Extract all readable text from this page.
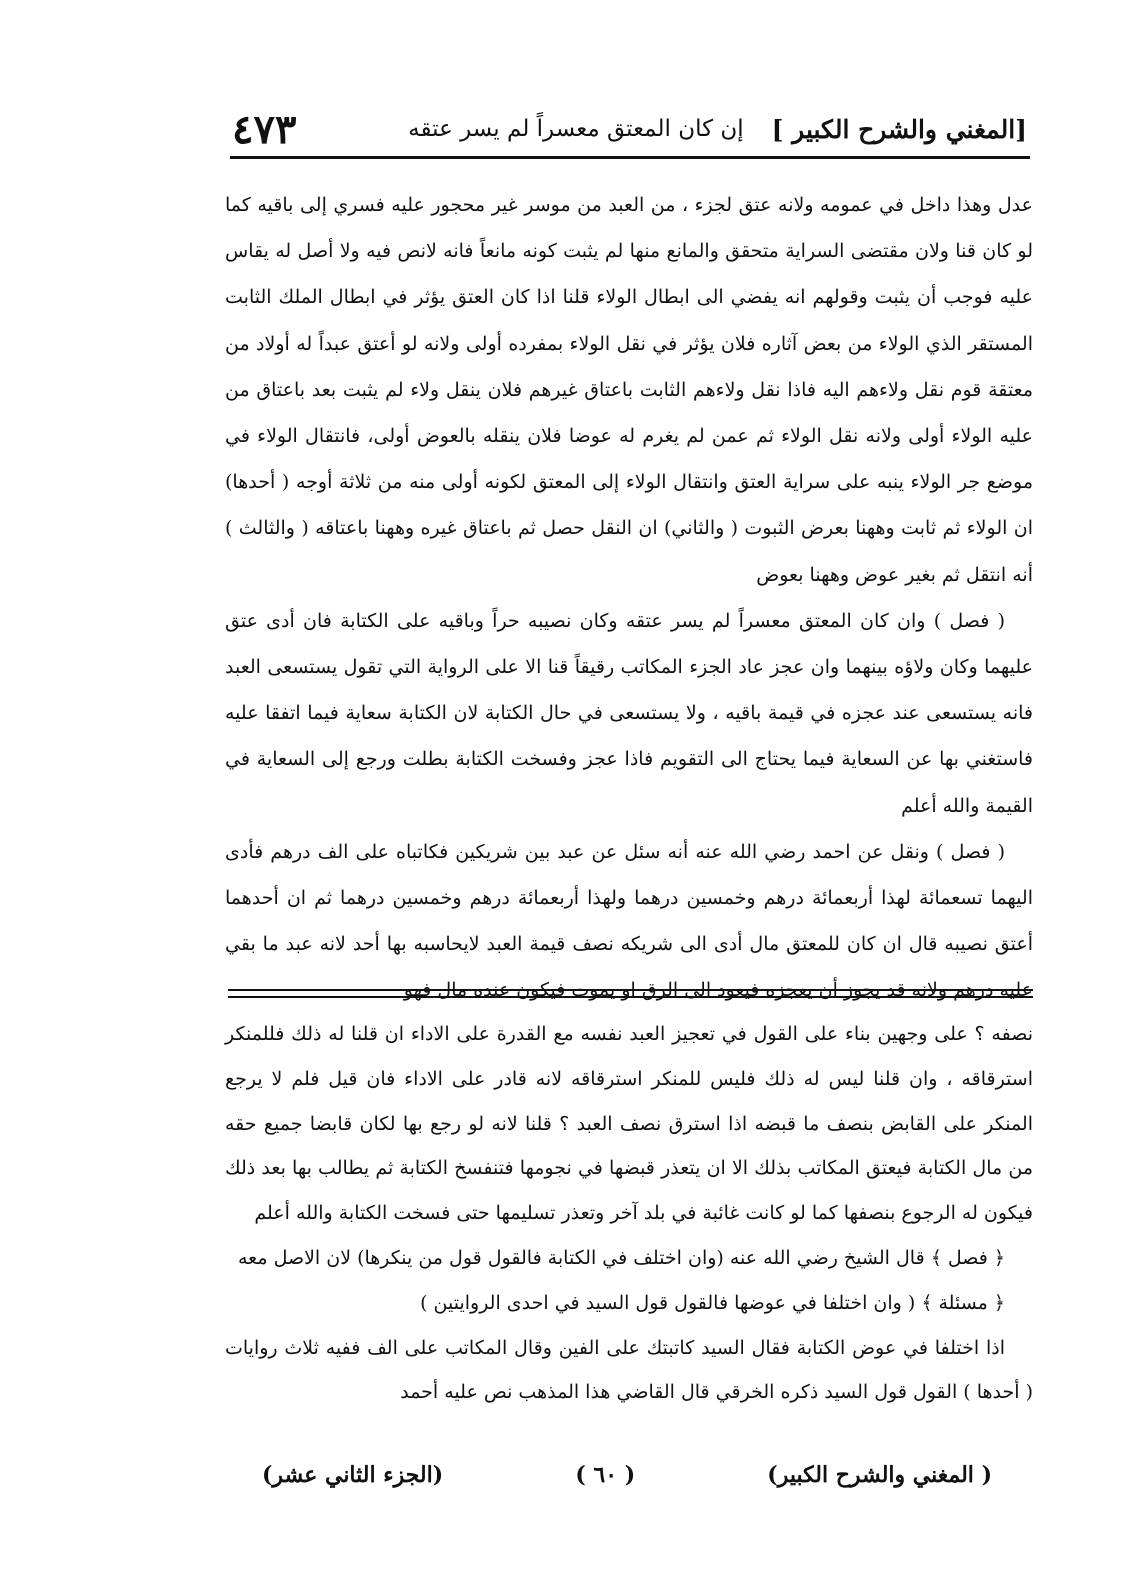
[المغني والشرح الكبير ]
إن كان المعتق معسراً لم يسر عتقه
٤٧٣

عدل وهذا داخل في عمومه ولانه عتق لجزء ، من العبد من موسر غير محجور عليه فسري إلى باقيه كما لو كان قنا ولان مقتضى السراية متحقق والمانع منها لم يثبت كونه مانعاً فانه لانص فيه ولا أصل له يقاس عليه فوجب أن يثبت وقولهم انه يفضي الى ابطال الولاء قلنا اذا كان العتق يؤثر في ابطال الملك الثابت المستقر الذي الولاء من بعض آثاره فلان يؤثر في نقل الولاء بمفرده أولى ولانه لو أعتق عبداً له أولاد من معتقة قوم نقل ولاءهم اليه فاذا نقل ولاءهم الثابت باعتاق غيرهم فلان ينقل ولاء لم يثبت بعد باعتاق من عليه الولاء أولى ولانه نقل الولاء ثم عمن لم يغرم له عوضا فلان ينقله بالعوض أولى، فانتقال الولاء في موضع جر الولاء ينبه على سراية العتق وانتقال الولاء إلى المعتق لكونه أولى منه من ثلاثة أوجه ( أحدها) ان الولاء ثم ثابت وههنا بعرض الثبوت ( والثاني) ان النقل حصل ثم باعتاق غيره وههنا باعتاقه ( والثالث ) أنه انتقل ثم بغير عوض وههنا بعوض

( فصل ) وان كان المعتق معسراً لم يسر عتقه وكان نصيبه حراً وباقيه على الكتابة فان أدى عتق عليهما وكان ولاؤه بينهما وان عجز عاد الجزء المكاتب رقيقاً قنا الا على الرواية التي تقول يستسعى العبد فانه يستسعى عند عجزه في قيمة باقيه ، ولا يستسعى في حال الكتابة لان الكتابة سعاية فيما اتفقا عليه فاستغني بها عن السعاية فيما يحتاج الى التقويم فاذا عجز وفسخت الكتابة بطلت ورجع إلى السعاية في القيمة والله أعلم

( فصل ) ونقل عن احمد رضي الله عنه أنه سئل عن عبد بين شريكين فكاتباه على الف درهم فأدى اليهما تسعمائة لهذا أربعمائة درهم وخمسين درهما ولهذا أربعمائة درهم وخمسين درهما ثم ان أحدهما أعتق نصيبه قال ان كان للمعتق مال أدى الى شريكه نصف قيمة العبد لايحاسبه بها أحد لانه عبد ما بقي عليه درهم ولانه قد يجوز أن يعجزه فيعود الى الرق او يموت فيكون عنده مال فهو

نصفه ؟ على وجهين بناء على القول في تعجيز العبد نفسه مع القدرة على الاداء ان قلنا له ذلك فللمنكر استرقاقه ، وان قلنا ليس له ذلك فليس للمنكر استرقاقه لانه قادر على الاداء فان قيل فلم لا يرجع المنكر على القابض بنصف ما قبضه اذا استرق نصف العبد ؟ قلنا لانه لو رجع بها لكان قابضا جميع حقه من مال الكتابة فيعتق المكاتب بذلك الا ان يتعذر قبضها في نجومها فتنفسخ الكتابة ثم يطالب بها بعد ذلك فيكون له الرجوع بنصفها كما لو كانت غائبة في بلد آخر وتعذر تسليمها حتى فسخت الكتابة والله أعلم

﴿ فصل ﴾ قال الشيخ رضي الله عنه (وان اختلف في الكتابة فالقول قول من ينكرها) لان الاصل معه

﴿ مسئلة ﴾ ( وان اختلفا في عوضها فالقول قول السيد في احدى الروايتين )

اذا اختلفا في عوض الكتابة فقال السيد كاتبتك على الفين وقال المكاتب على الف ففيه ثلاث روايات ( أحدها ) القول قول السيد ذكره الخرقي قال القاضي هذا المذهب نص عليه أحمد

( المغني والشرح الكبير)
( ٦٠ )
(الجزء الثاني عشر)
